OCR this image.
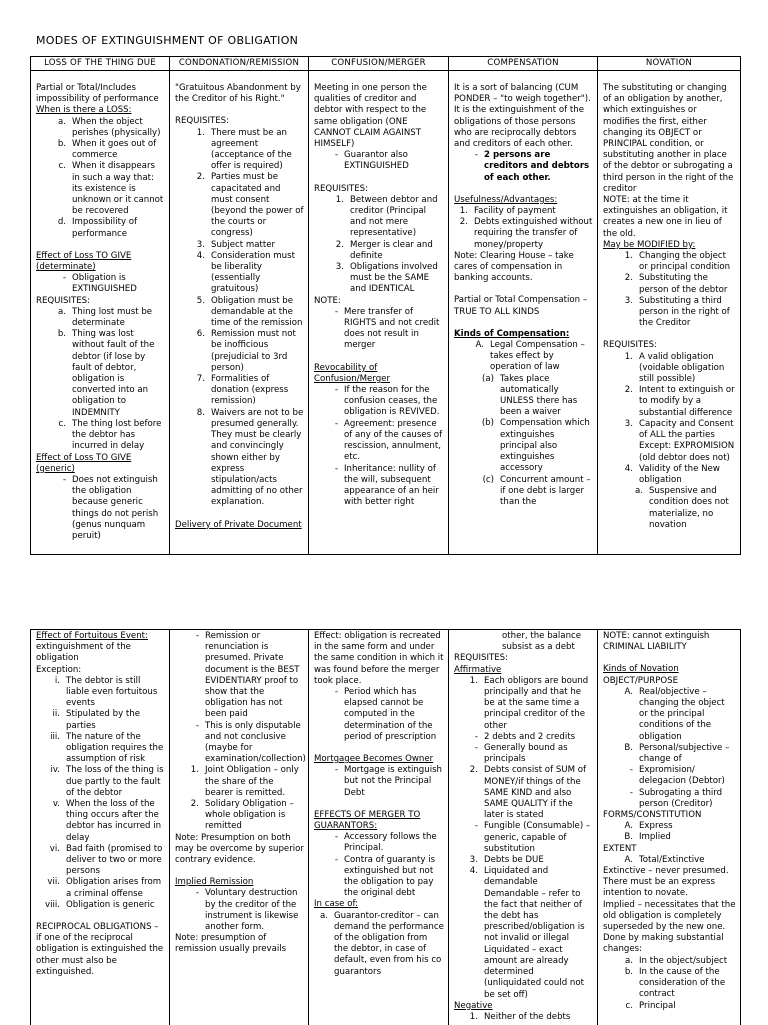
MODES OF EXTINGUISHMENT OF OBLIGATION
LOSS OF THE THING DUE
Partial or Total/Includes impossibility of performance
When is there a LOSS:
a. When the object perishes (physically)
b. When it goes out of commerce
c. When it disappears in such a way that: its existence is unknown or it cannot be recovered
d. Impossibility of performance
Effect of Loss TO GIVE (determinate)
- Obligation is EXTINGUISHED
REQUISITES:
a. Thing lost must be determinate
b. Thing was lost without fault of the debtor (if lose by fault of debtor, obligation is converted into an obligation to INDEMNITY
c. The thing lost before the debtor has incurred in delay
Effect of Loss TO GIVE (generic)
- Does not extinguish the obligation because generic things do not perish (genus nunquam peruit)
CONDONATION/REMISSION
"Gratuitous Abandonment by the Creditor of his Right."
REQUISITES:
1. There must be an agreement (acceptance of the offer is required)
2. Parties must be capacitated and must consent (beyond the power of the courts or congress)
3. Subject matter
4. Consideration must be liberality (essentially gratuitous)
5. Obligation must be demandable at the time of the remission
6. Remission must not be inofficious (prejudicial to 3rd person)
7. Formalities of donation (express remission)
8. Waivers are not to be presumed generally. They must be clearly and convincingly shown either by express stipulation/acts admitting of no other explanation.
Delivery of Private Document
CONFUSION/MERGER
Meeting in one person the qualities of creditor and debtor with respect to the same obligation (ONE CANNOT CLAIM AGAINST HIMSELF)
- Guarantor also EXTINGUISHED
REQUISITES:
1. Between debtor and creditor (Principal and not mere representative)
2. Merger is clear and definite
3. Obligations involved must be the SAME and IDENTICAL
NOTE:
- Mere transfer of RIGHTS and not credit does not result in merger
Revocability of Confusion/Merger
- If the reason for the confusion ceases, the obligation is REVIVED.
- Agreement: presence of any of the causes of rescission, annulment, etc.
- Inheritance: nullity of the will, subsequent appearance of an heir with better right
COMPENSATION
It is a sort of balancing (CUM PONDER – "to weigh together"). It is the extinguishment of the obligations of those persons who are reciprocally debtors and creditors of each other.
- 2 persons are creditors and debtors of each other.
Usefulness/Advantages:
1. Facility of payment
2. Debts extinguished without requiring the transfer of money/property
Note: Clearing House – take cares of compensation in banking accounts.
Partial or Total Compensation – TRUE TO ALL KINDS
Kinds of Compensation:
A. Legal Compensation – takes effect by operation of law
(a) Takes place automatically UNLESS there has been a waiver
(b) Compensation which extinguishes principal also extinguishes accessory
(c) Concurrent amount – if one debt is larger than the
NOVATION
The substituting or changing of an obligation by another, which extinguishes or modifies the first, either changing its OBJECT or PRINCIPAL condition, or substituting another in place of the debtor or subrogating a third person in the right of the creditor
NOTE: at the time it extinguishes an obligation, it creates a new one in lieu of the old.
May be MODIFIED by:
1. Changing the object or principal condition
2. Substituting the person of the debtor
3. Substituting a third person in the right of the Creditor
REQUISITES:
1. A valid obligation (voidable obligation still possible)
2. Intent to extinguish or to modify by a substantial difference
3. Capacity and Consent of ALL the parties Except: EXPROMISION (old debtor does not)
4. Validity of the New obligation
a. Suspensive and condition does not materialize, no novation
Effect of Fortuitous Event:
extinguishment of the obligation
Exception:
i. The debtor is still liable even fortuitous events
ii. Stipulated by the parties
iii. The nature of the obligation requires the assumption of risk
iv. The loss of the thing is due partly to the fault of the debtor
v. When the loss of the thing occurs after the debtor has incurred in delay
vi. Bad faith (promised to deliver to two or more persons
vii. Obligation arises from a criminal offense
viii. Obligation is generic
RECIPROCAL OBLIGATIONS – if one of the reciprocal obligation is extinguished the other must also be extinguished.
- Remission or renunciation is presumed. Private document is the BEST EVIDENTIARY proof to show that the obligation has not been paid
- This is only disputable and not conclusive (maybe for examination/collection)
1. Joint Obligation – only the share of the bearer is remitted.
2. Solidary Obligation – whole obligation is remitted
Note: Presumption on both may be overcome by superior contrary evidence.
Implied Remission
- Voluntary destruction by the creditor of the instrument is likewise another form.
Note: presumption of remission usually prevails
Effect: obligation is recreated in the same form and under the same condition in which it was found before the merger took place.
- Period which has elapsed cannot be computed in the determination of the period of prescription
Mortgagee Becomes Owner
- Mortgage is extinguish but not the Principal Debt
EFFECTS OF MERGER TO GUARANTORS:
- Accessory follows the Principal.
- Contra of guaranty is extinguished but not the obligation to pay the original debt
In case of:
a. Guarantor-creditor – can demand the performance of the obligation from the debtor, in case of default, even from his co guarantors
other, the balance subsist as a debt
REQUISITES:
Affirmative
1. Each obligors are bound principally and that he be at the same time a principal creditor of the other
- 2 debts and 2 credits
- Generally bound as principals
2. Debts consist of SUM of MONEY/if things of the SAME KIND and also SAME QUALITY if the later is stated
- Fungible (Consumable) – generic, capable of substitution
3. Debts be DUE
4. Liquidated and demandable Demandable – refer to the fact that neither of the debt has prescribed/obligation is not invalid or illegal Liquidated – exact amount are already determined (unliquidated could not be set off)
Negative
1. Neither of the debts
NOTE: cannot extinguish CRIMINAL LIABILITY
Kinds of Novation
OBJECT/PURPOSE
A. Real/objective – changing the object or the principal conditions of the obligation
B. Personal/subjective – change of
- Expromision/ delegacion (Debtor)
- Subrogating a third person (Creditor)
FORMS/CONSTITUTION
A. Express
B. Implied
EXTENT
A. Total/Extinctive
Extinctive – never presumed. There must be an express intention to novate.
Implied – necessitates that the old obligation is completely superseded by the new one.
Done by making substantial changes:
a. In the object/subject
b. In the cause of the consideration of the contract
c. Principal
